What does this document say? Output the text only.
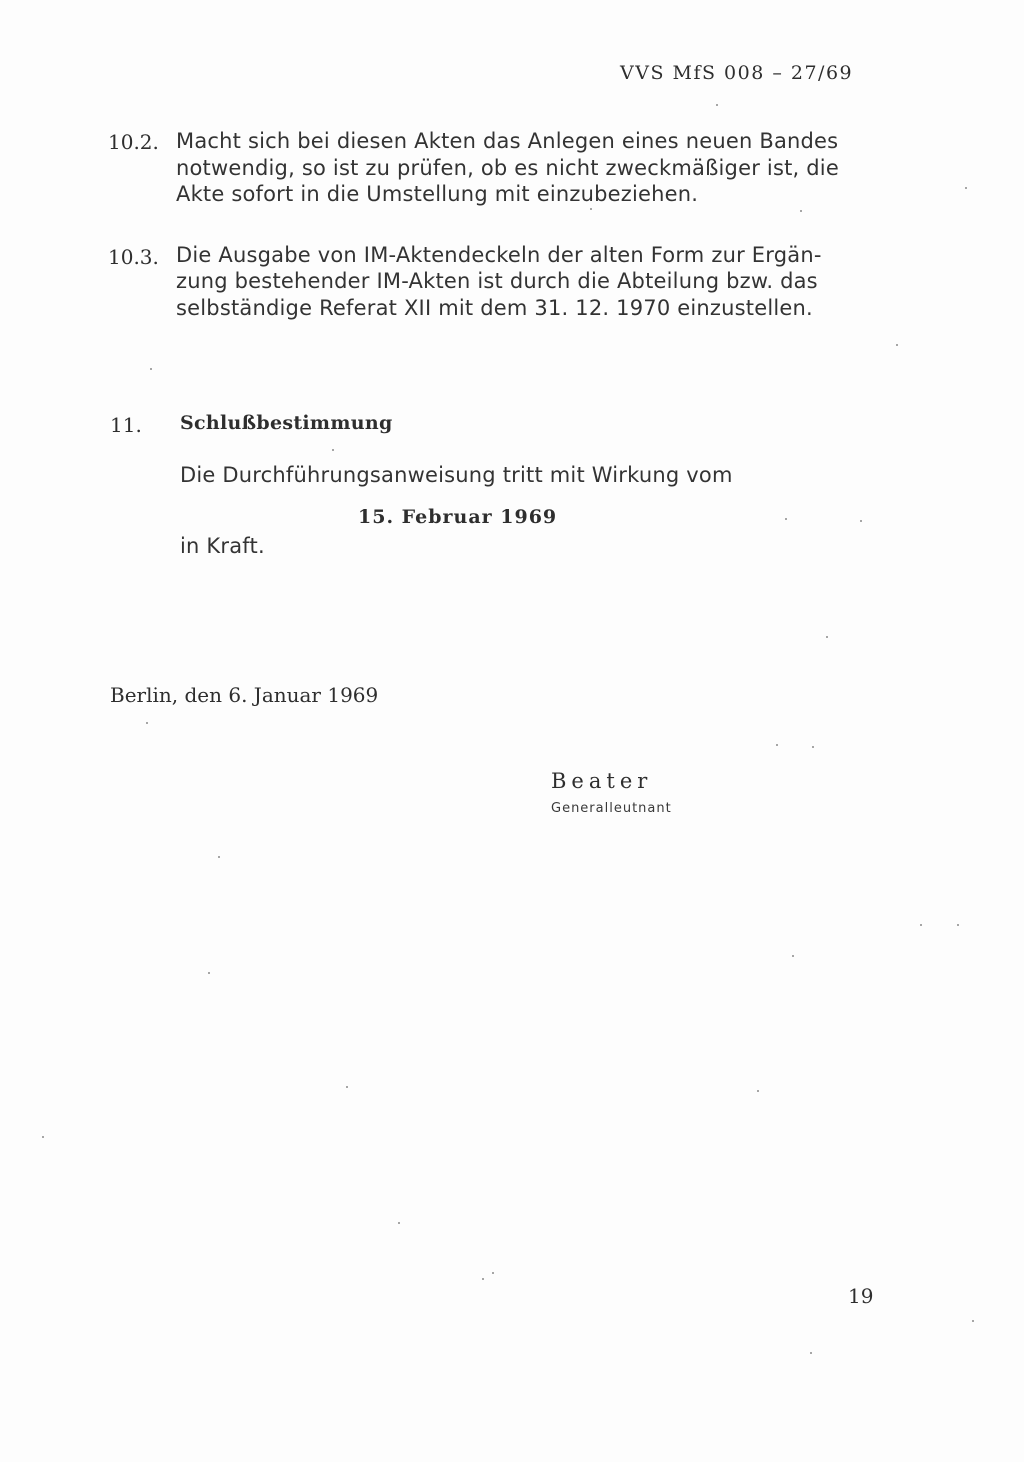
VVS MfS 008 – 27/69
10.2. Macht sich bei diesen Akten das Anlegen eines neuen Bandes
notwendig, so ist zu prüfen, ob es nicht zweckmäßiger ist, die
Akte sofort in die Umstellung mit einzubeziehen.
10.3. Die Ausgabe von IM-Aktendeckeln der alten Form zur Ergän-
zung bestehender IM-Akten ist durch die Abteilung bzw. das
selbständige Referat XII mit dem 31. 12. 1970 einzustellen.
11. Schlußbestimmung
Die Durchführungsanweisung tritt mit Wirkung vom
15. Februar 1969
in Kraft.
Berlin, den 6. Januar 1969
Beater
Generalleutnant
19
